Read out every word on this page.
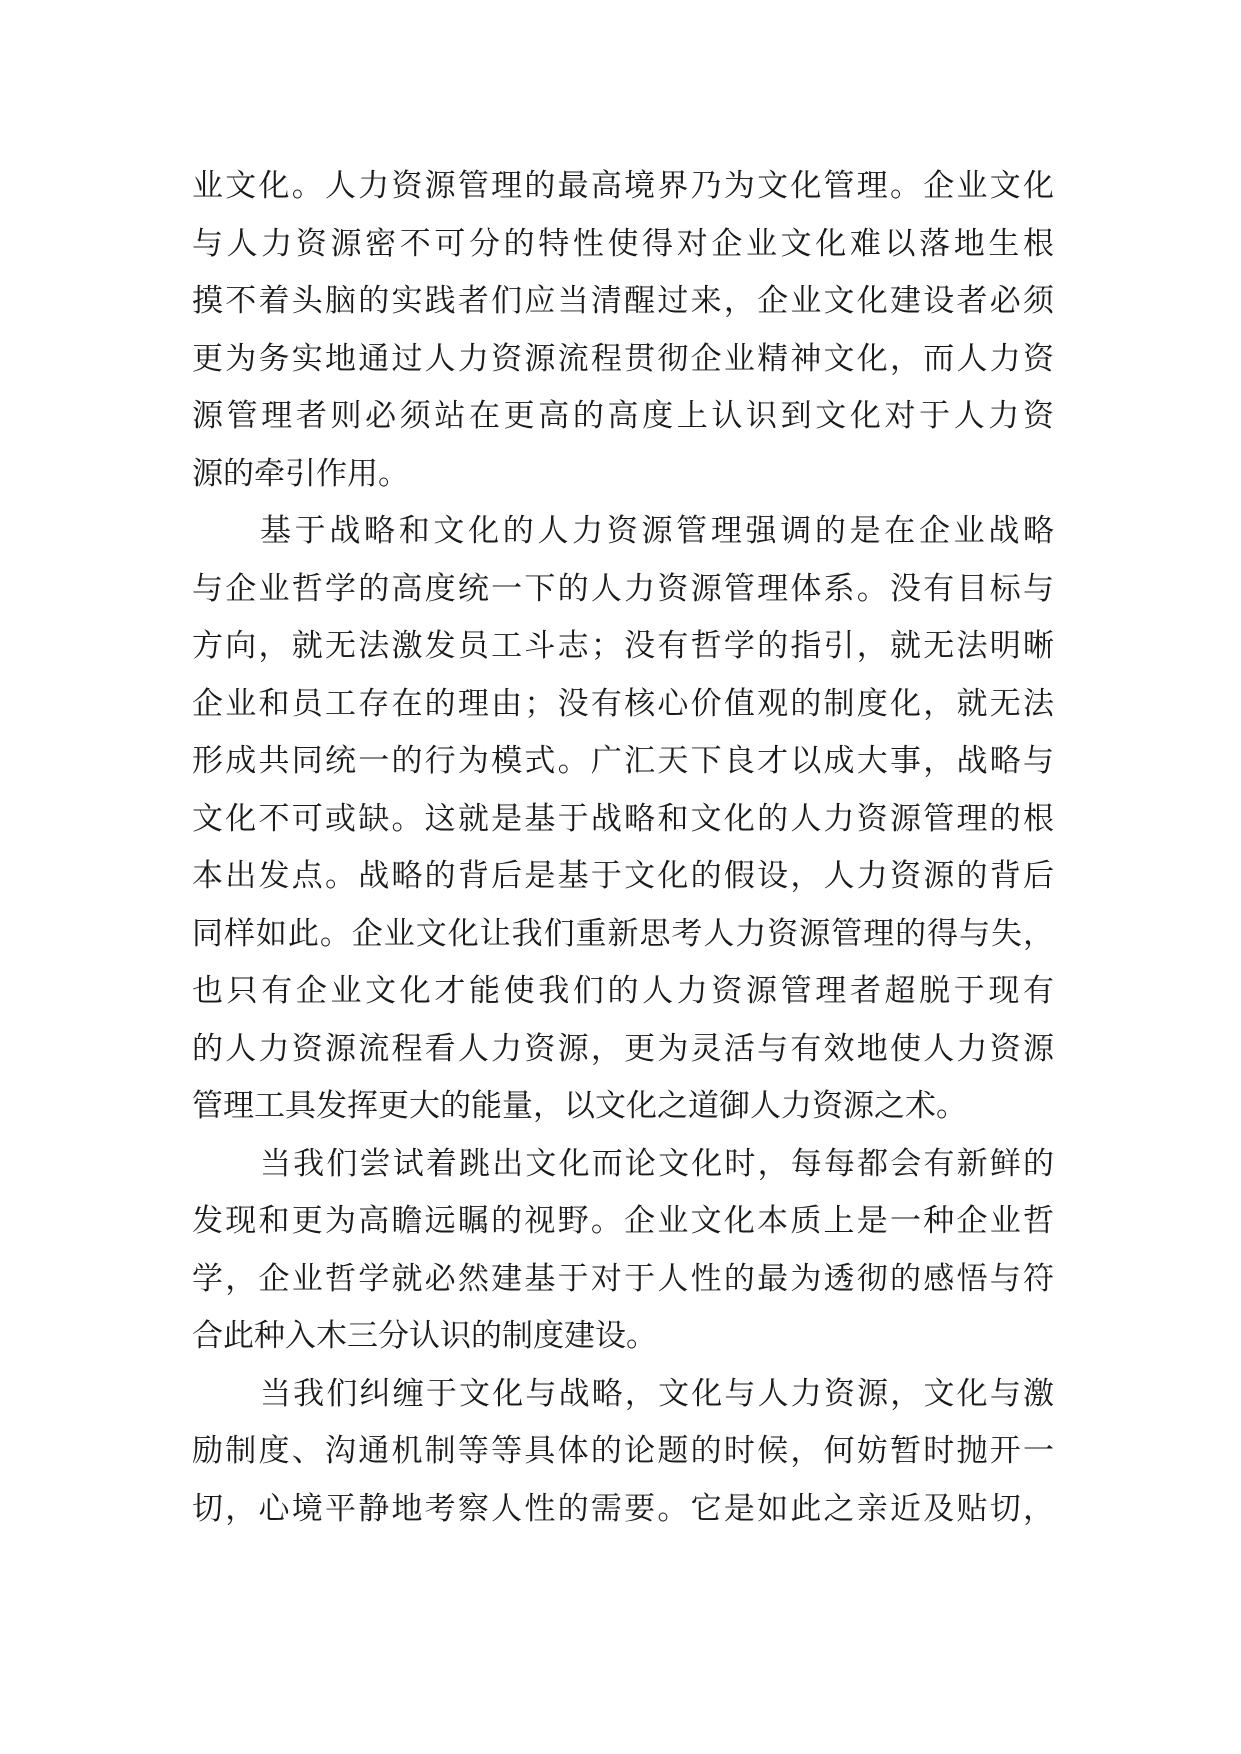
业文化。人力资源管理的最高境界乃为文化管理。企业文化
与人力资源密不可分的特性使得对企业文化难以落地生根
摸不着头脑的实践者们应当清醒过来，企业文化建设者必须
更为务实地通过人力资源流程贯彻企业精神文化，而人力资
源管理者则必须站在更高的高度上认识到文化对于人力资
源的牵引作用。
基于战略和文化的人力资源管理强调的是在企业战略
与企业哲学的高度统一下的人力资源管理体系。没有目标与
方向，就无法激发员工斗志；没有哲学的指引，就无法明晰
企业和员工存在的理由；没有核心价值观的制度化，就无法
形成共同统一的行为模式。广汇天下良才以成大事，战略与
文化不可或缺。这就是基于战略和文化的人力资源管理的根
本出发点。战略的背后是基于文化的假设，人力资源的背后
同样如此。企业文化让我们重新思考人力资源管理的得与失，
也只有企业文化才能使我们的人力资源管理者超脱于现有
的人力资源流程看人力资源，更为灵活与有效地使人力资源
管理工具发挥更大的能量，以文化之道御人力资源之术。
当我们尝试着跳出文化而论文化时，每每都会有新鲜的
发现和更为高瞻远瞩的视野。企业文化本质上是一种企业哲
学，企业哲学就必然建基于对于人性的最为透彻的感悟与符
合此种入木三分认识的制度建设。
当我们纠缠于文化与战略，文化与人力资源，文化与激
励制度、沟通机制等等具体的论题的时候，何妨暂时抛开一
切，心境平静地考察人性的需要。它是如此之亲近及贴切，
